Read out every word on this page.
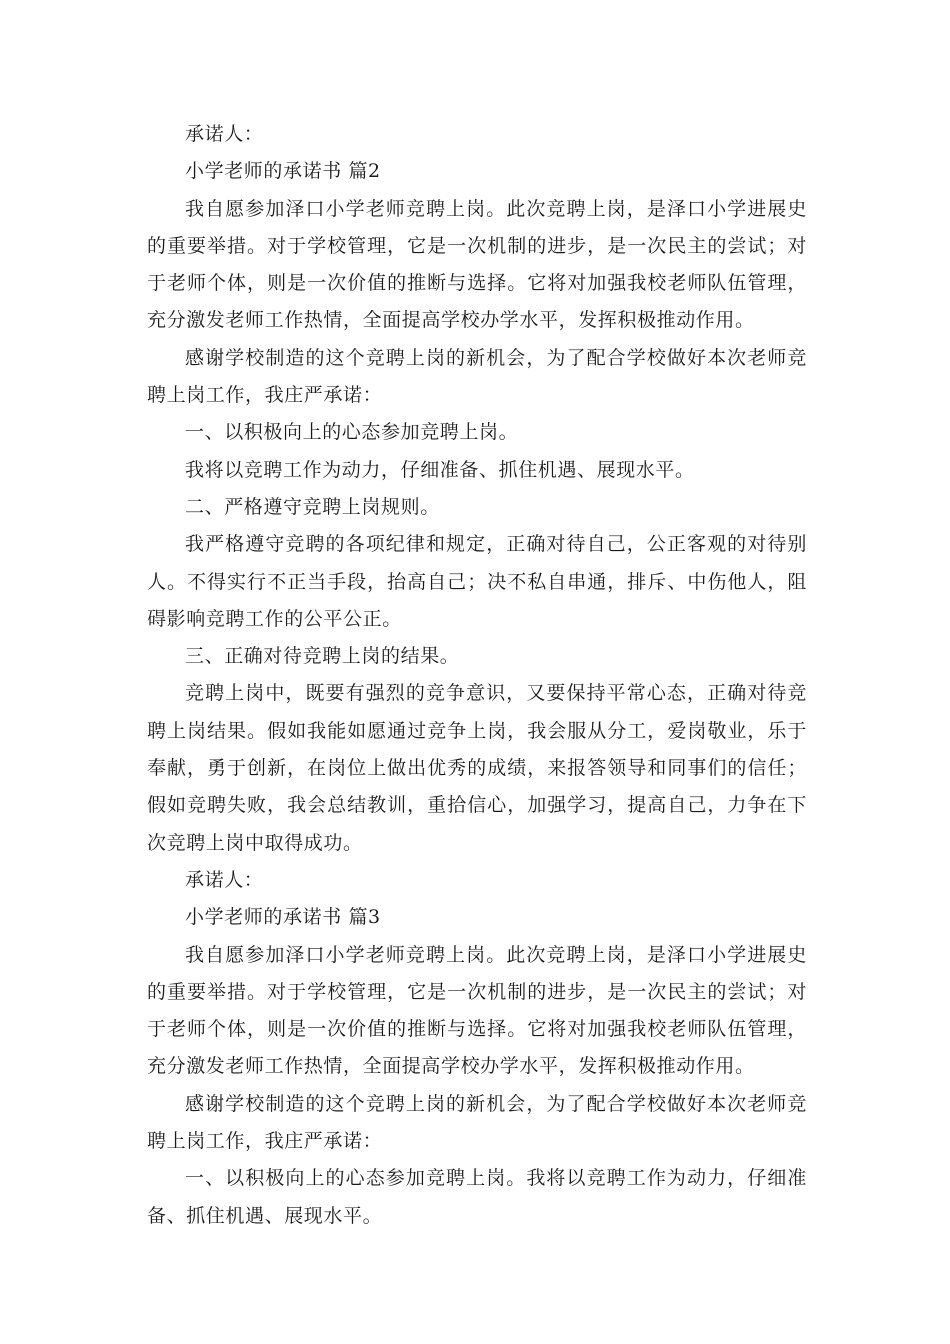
承诺人：

小学老师的承诺书 篇2

我自愿参加泽口小学老师竞聘上岗。此次竞聘上岗，是泽口小学进展史的重要举措。对于学校管理，它是一次机制的进步，是一次民主的尝试；对于老师个体，则是一次价值的推断与选择。它将对加强我校老师队伍管理，充分激发老师工作热情，全面提高学校办学水平，发挥积极推动作用。

感谢学校制造的这个竞聘上岗的新机会，为了配合学校做好本次老师竞聘上岗工作，我庄严承诺：

一、以积极向上的心态参加竞聘上岗。

我将以竞聘工作为动力，仔细准备、抓住机遇、展现水平。

二、严格遵守竞聘上岗规则。

我严格遵守竞聘的各项纪律和规定，正确对待自己，公正客观的对待别人。不得实行不正当手段，抬高自己；决不私自串通，排斥、中伤他人，阻碍影响竞聘工作的公平公正。

三、正确对待竞聘上岗的结果。

竞聘上岗中，既要有强烈的竞争意识，又要保持平常心态，正确对待竞聘上岗结果。假如我能如愿通过竞争上岗，我会服从分工，爱岗敬业，乐于奉献，勇于创新，在岗位上做出优秀的成绩，来报答领导和同事们的信任；假如竞聘失败，我会总结教训，重拾信心，加强学习，提高自己，力争在下次竞聘上岗中取得成功。

承诺人：

小学老师的承诺书 篇3

我自愿参加泽口小学老师竞聘上岗。此次竞聘上岗，是泽口小学进展史的重要举措。对于学校管理，它是一次机制的进步，是一次民主的尝试；对于老师个体，则是一次价值的推断与选择。它将对加强我校老师队伍管理，充分激发老师工作热情，全面提高学校办学水平，发挥积极推动作用。

感谢学校制造的这个竞聘上岗的新机会，为了配合学校做好本次老师竞聘上岗工作，我庄严承诺：

一、以积极向上的心态参加竞聘上岗。我将以竞聘工作为动力，仔细准备、抓住机遇、展现水平。
